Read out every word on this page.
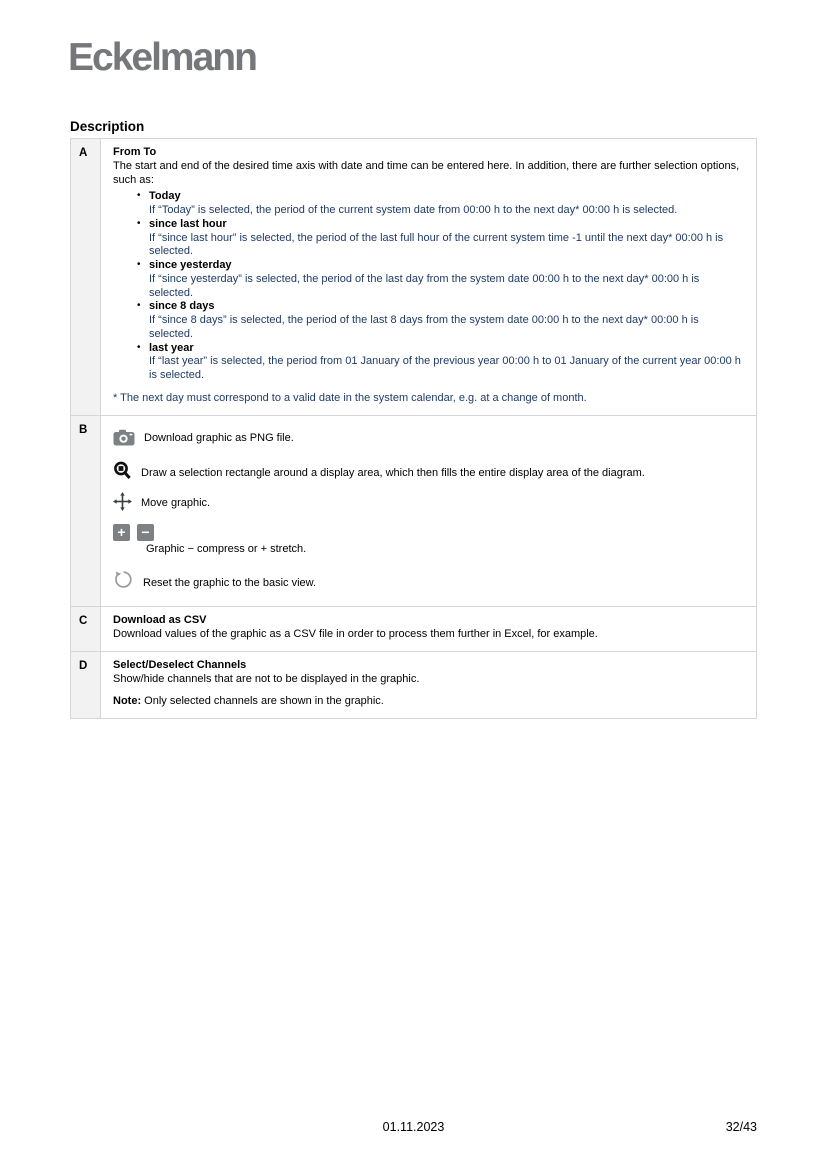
Eckelmann
Description
A	From To
The start and end of the desired time axis with date and time can be entered here. In addition, there are further selection options, such as:
• Today
If “Today” is selected, the period of the current system date from 00:00 h to the next day* 00:00 h is selected.
• since last hour
If “since last hour” is selected, the period of the last full hour of the current system time -1 until the next day* 00:00 h is selected.
• since yesterday
If “since yesterday” is selected, the period of the last day from the system date 00:00 h to the next day* 00:00 h is selected.
• since 8 days
If “since 8 days” is selected, the period of the last 8 days from the system date 00:00 h to the next day* 00:00 h is selected.
• last year
If “last year” is selected, the period from 01 January of the previous year 00:00 h to 01 January of the current year 00:00 h is selected.
* The next day must correspond to a valid date in the system calendar, e.g. at a change of month.
B
Download graphic as PNG file.
Draw a selection rectangle around a display area, which then fills the entire display area of the diagram.
Move graphic.
+	−
Graphic − compress or + stretch.
Reset the graphic to the basic view.
C	Download as CSV
Download values of the graphic as a CSV file in order to process them further in Excel, for example.
D	Select/Deselect Channels
Show/hide channels that are not to be displayed in the graphic.
Note: Only selected channels are shown in the graphic.
01.11.2023	32/43
